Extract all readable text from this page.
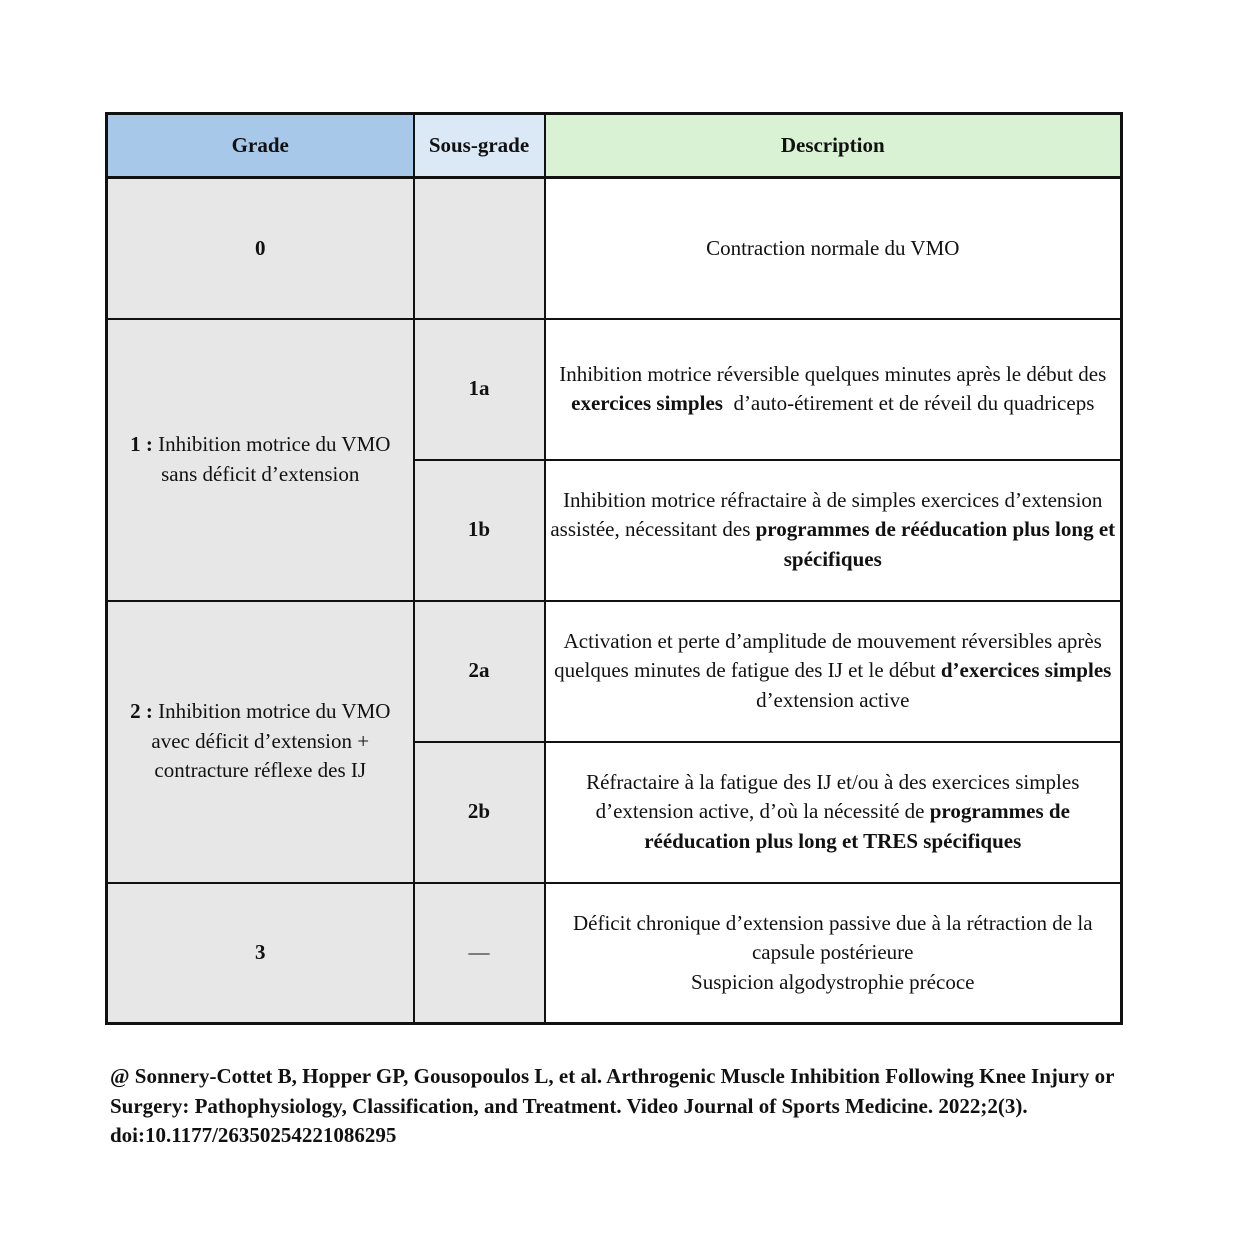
Grade	Sous-grade	Description
0		Contraction normale du VMO
1 : Inhibition motrice du VMO sans déficit d’extension	1a	Inhibition motrice réversible quelques minutes après le début des exercices simples  d’auto-étirement et de réveil du quadriceps
	1b	Inhibition motrice réfractaire à de simples exercices d’extension assistée, nécessitant des programmes de rééducation plus long et spécifiques
2 : Inhibition motrice du VMO avec déficit d’extension + contracture réflexe des IJ	2a	Activation et perte d’amplitude de mouvement réversibles après quelques minutes de fatigue des IJ et le début d’exercices simples d’extension active
	2b	Réfractaire à la fatigue des IJ et/ou à des exercices simples d’extension active, d’où la nécessité de programmes de rééducation plus long et TRES spécifiques
3	—	Déficit chronique d’extension passive due à la rétraction de la capsule postérieure
Suspicion algodystrophie précoce
@ Sonnery-Cottet B, Hopper GP, Gousopoulos L, et al. Arthrogenic Muscle Inhibition Following Knee Injury or Surgery: Pathophysiology, Classification, and Treatment. Video Journal of Sports Medicine. 2022;2(3). doi:10.1177/26350254221086295
